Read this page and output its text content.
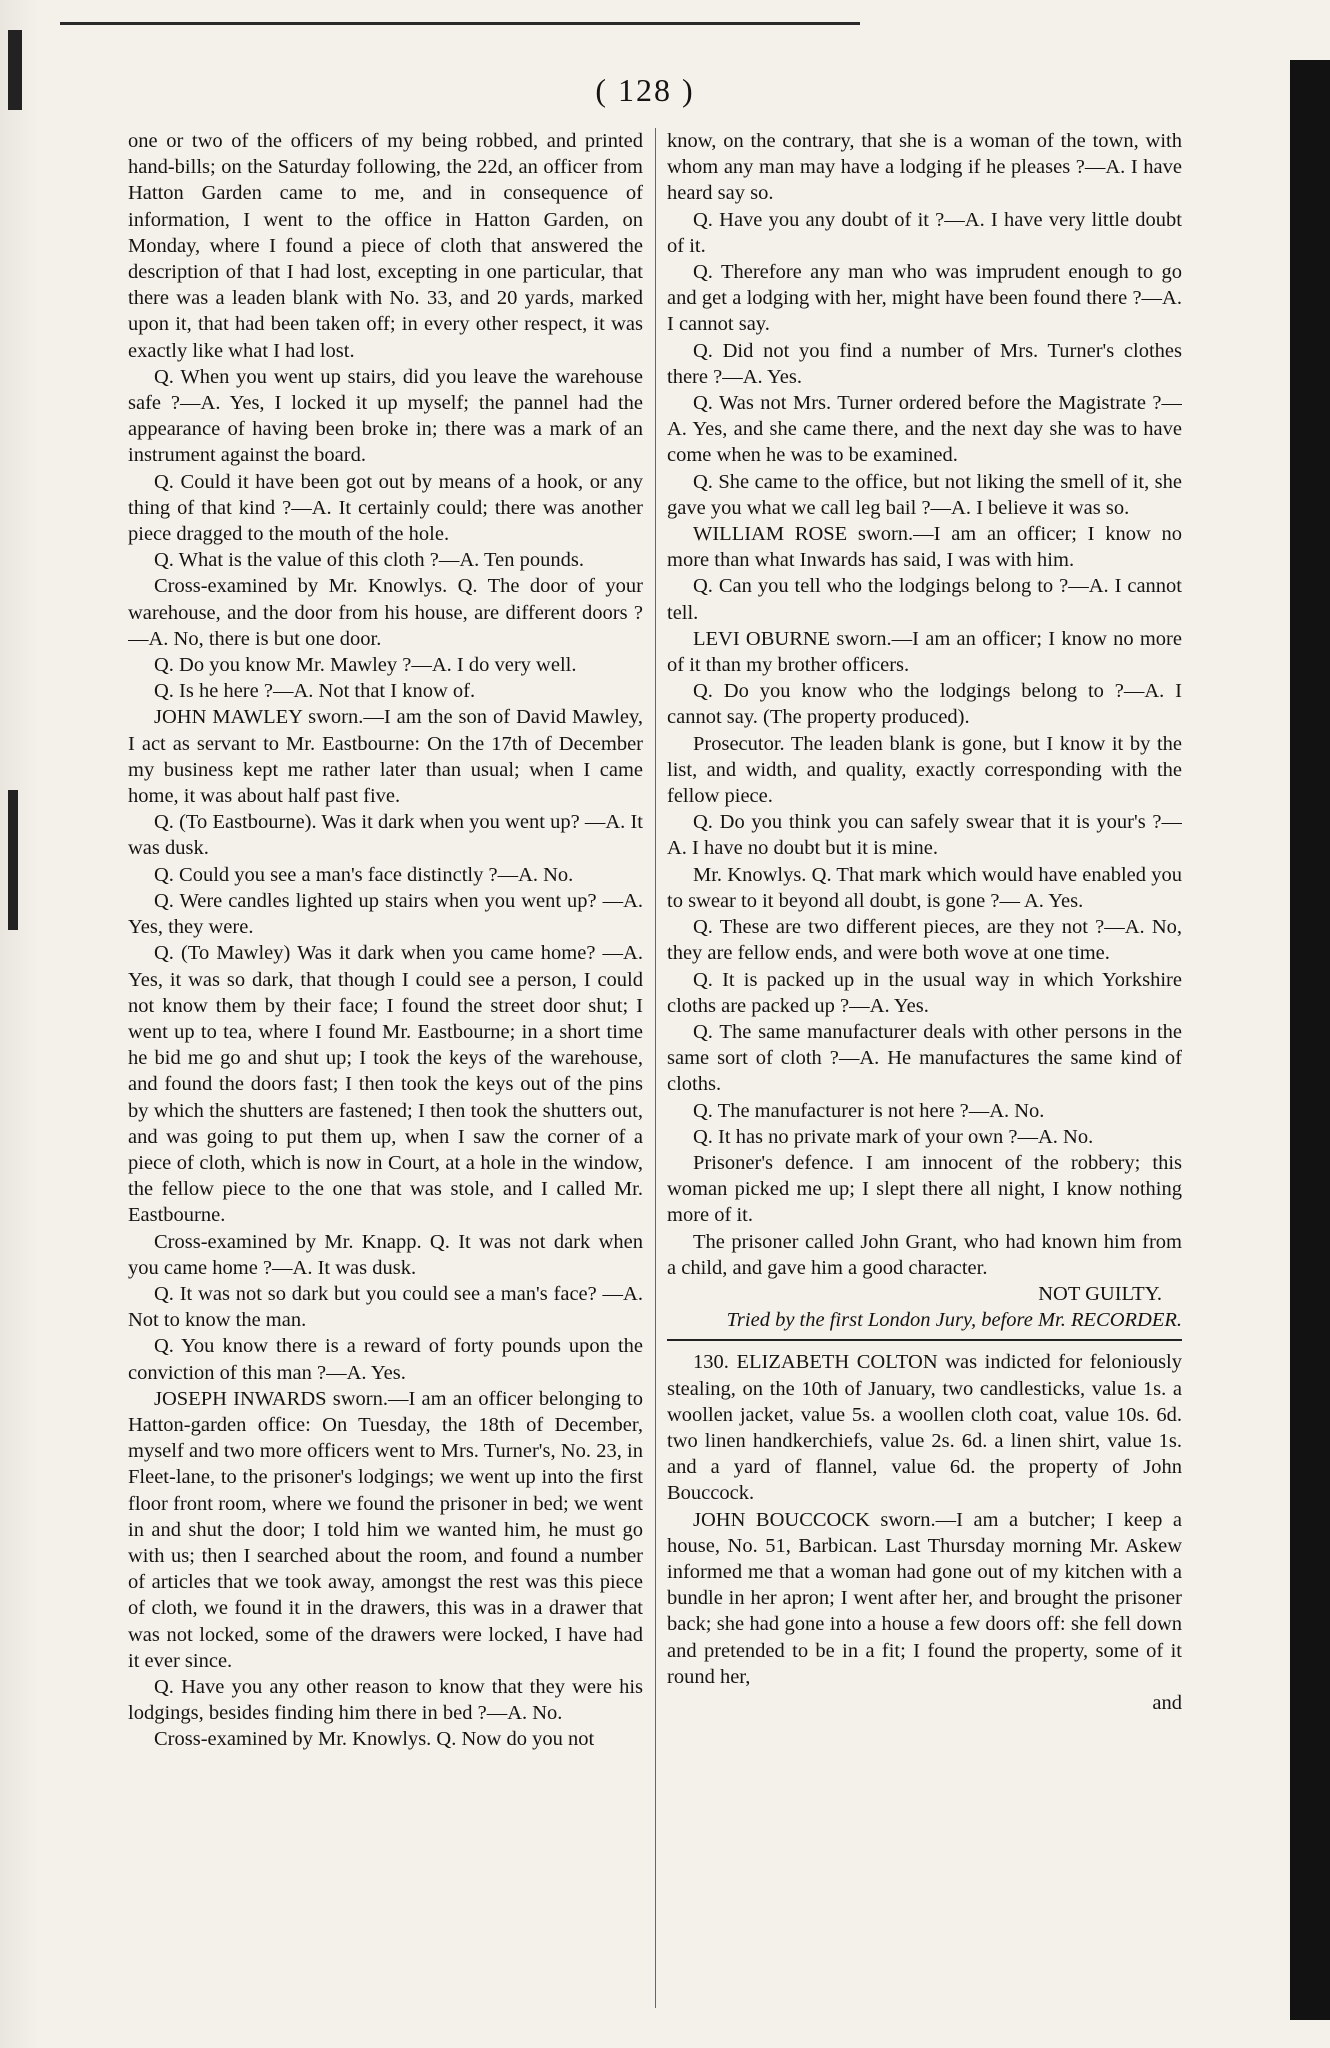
( 128 )

one or two of the officers of my being robbed, and printed hand-bills; on the Saturday following, the 22d, an officer from Hatton Garden came to me, and in consequence of information, I went to the office in Hatton Garden, on Monday, where I found a piece of cloth that answered the description of that I had lost, excepting in one particular, that there was a leaden blank with No. 33, and 20 yards, marked upon it, that had been taken off; in every other respect, it was exactly like what I had lost.

Q. When you went up stairs, did you leave the warehouse safe ?—A. Yes, I locked it up myself; the pannel had the appearance of having been broke in; there was a mark of an instrument against the board.

Q. Could it have been got out by means of a hook, or any thing of that kind ?—A. It certainly could; there was another piece dragged to the mouth of the hole.

Q. What is the value of this cloth ?—A. Ten pounds.

Cross-examined by Mr. Knowlys. Q. The door of your warehouse, and the door from his house, are different doors ?—A. No, there is but one door.

Q. Do you know Mr. Mawley ?—A. I do very well.

Q. Is he here ?—A. Not that I know of.

JOHN MAWLEY sworn.—I am the son of David Mawley, I act as servant to Mr. Eastbourne: On the 17th of December my business kept me rather later than usual; when I came home, it was about half past five.

Q. (To Eastbourne). Was it dark when you went up? —A. It was dusk.

Q. Could you see a man's face distinctly ?—A. No.

Q. Were candles lighted up stairs when you went up? —A. Yes, they were.

Q. (To Mawley) Was it dark when you came home? —A. Yes, it was so dark, that though I could see a person, I could not know them by their face; I found the street door shut; I went up to tea, where I found Mr. Eastbourne; in a short time he bid me go and shut up; I took the keys of the warehouse, and found the doors fast; I then took the keys out of the pins by which the shutters are fastened; I then took the shutters out, and was going to put them up, when I saw the corner of a piece of cloth, which is now in Court, at a hole in the window, the fellow piece to the one that was stole, and I called Mr. Eastbourne.

Cross-examined by Mr. Knapp. Q. It was not dark when you came home ?—A. It was dusk.

Q. It was not so dark but you could see a man's face? —A. Not to know the man.

Q. You know there is a reward of forty pounds upon the conviction of this man ?—A. Yes.

JOSEPH INWARDS sworn.—I am an officer belonging to Hatton-garden office: On Tuesday, the 18th of December, myself and two more officers went to Mrs. Turner's, No. 23, in Fleet-lane, to the prisoner's lodgings; we went up into the first floor front room, where we found the prisoner in bed; we went in and shut the door; I told him we wanted him, he must go with us; then I searched about the room, and found a number of articles that we took away, amongst the rest was this piece of cloth, we found it in the drawers, this was in a drawer that was not locked, some of the drawers were locked, I have had it ever since.

Q. Have you any other reason to know that they were his lodgings, besides finding him there in bed ?—A. No.

Cross-examined by Mr. Knowlys. Q. Now do you not

know, on the contrary, that she is a woman of the town, with whom any man may have a lodging if he pleases ?—A. I have heard say so.

Q. Have you any doubt of it ?—A. I have very little doubt of it.

Q. Therefore any man who was imprudent enough to go and get a lodging with her, might have been found there ?—A. I cannot say.

Q. Did not you find a number of Mrs. Turner's clothes there ?—A. Yes.

Q. Was not Mrs. Turner ordered before the Magistrate ?—A. Yes, and she came there, and the next day she was to have come when he was to be examined.

Q. She came to the office, but not liking the smell of it, she gave you what we call leg bail ?—A. I believe it was so.

WILLIAM ROSE sworn.—I am an officer; I know no more than what Inwards has said, I was with him.

Q. Can you tell who the lodgings belong to ?—A. I cannot tell.

LEVI OBURNE sworn.—I am an officer; I know no more of it than my brother officers.

Q. Do you know who the lodgings belong to ?—A. I cannot say. (The property produced).

Prosecutor. The leaden blank is gone, but I know it by the list, and width, and quality, exactly corresponding with the fellow piece.

Q. Do you think you can safely swear that it is your's ?—A. I have no doubt but it is mine.

Mr. Knowlys. Q. That mark which would have enabled you to swear to it beyond all doubt, is gone ?— A. Yes.

Q. These are two different pieces, are they not ?—A. No, they are fellow ends, and were both wove at one time.

Q. It is packed up in the usual way in which Yorkshire cloths are packed up ?—A. Yes.

Q. The same manufacturer deals with other persons in the same sort of cloth ?—A. He manufactures the same kind of cloths.

Q. The manufacturer is not here ?—A. No.

Q. It has no private mark of your own ?—A. No.

Prisoner's defence. I am innocent of the robbery; this woman picked me up; I slept there all night, I know nothing more of it.

The prisoner called John Grant, who had known him from a child, and gave him a good character.

NOT GUILTY.

Tried by the first London Jury, before Mr. RECORDER.

130. ELIZABETH COLTON was indicted for feloniously stealing, on the 10th of January, two candlesticks, value 1s. a woollen jacket, value 5s. a woollen cloth coat, value 10s. 6d. two linen handkerchiefs, value 2s. 6d. a linen shirt, value 1s. and a yard of flannel, value 6d. the property of John Bouccock.

JOHN BOUCCOCK sworn.—I am a butcher; I keep a house, No. 51, Barbican. Last Thursday morning Mr. Askew informed me that a woman had gone out of my kitchen with a bundle in her apron; I went after her, and brought the prisoner back; she had gone into a house a few doors off: she fell down and pretended to be in a fit; I found the property, some of it round her,

and
